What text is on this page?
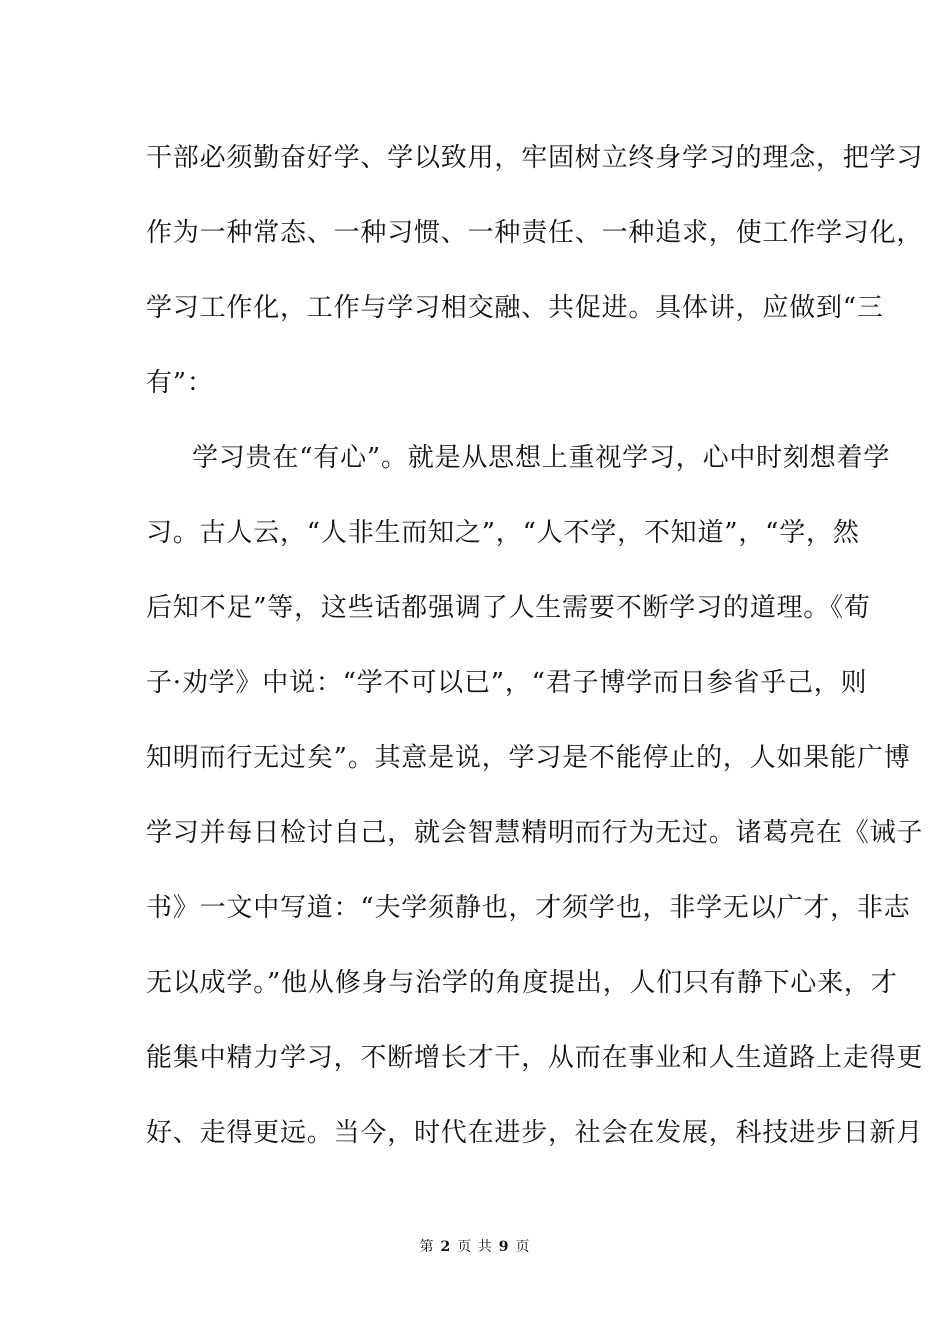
干部必须勤奋好学、学以致用，牢固树立终身学习的理念，把学习
作为一种常态、一种习惯、一种责任、一种追求，使工作学习化，
学习工作化，工作与学习相交融、共促进。具体讲，应做到“三
有”：
学习贵在“有心”。就是从思想上重视学习，心中时刻想着学
习。古人云，“人非生而知之”，“人不学，不知道”，“学，然
后知不足”等，这些话都强调了人生需要不断学习的道理。《荀
子·劝学》中说：“学不可以已”，“君子博学而日参省乎己，则
知明而行无过矣”。其意是说，学习是不能停止的，人如果能广博
学习并每日检讨自己，就会智慧精明而行为无过。诸葛亮在《诫子
书》一文中写道：“夫学须静也，才须学也，非学无以广才，非志
无以成学。”他从修身与治学的角度提出，人们只有静下心来，才
能集中精力学习，不断增长才干，从而在事业和人生道路上走得更
好、走得更远。当今，时代在进步，社会在发展，科技进步日新月
第 2 页 共 9 页
